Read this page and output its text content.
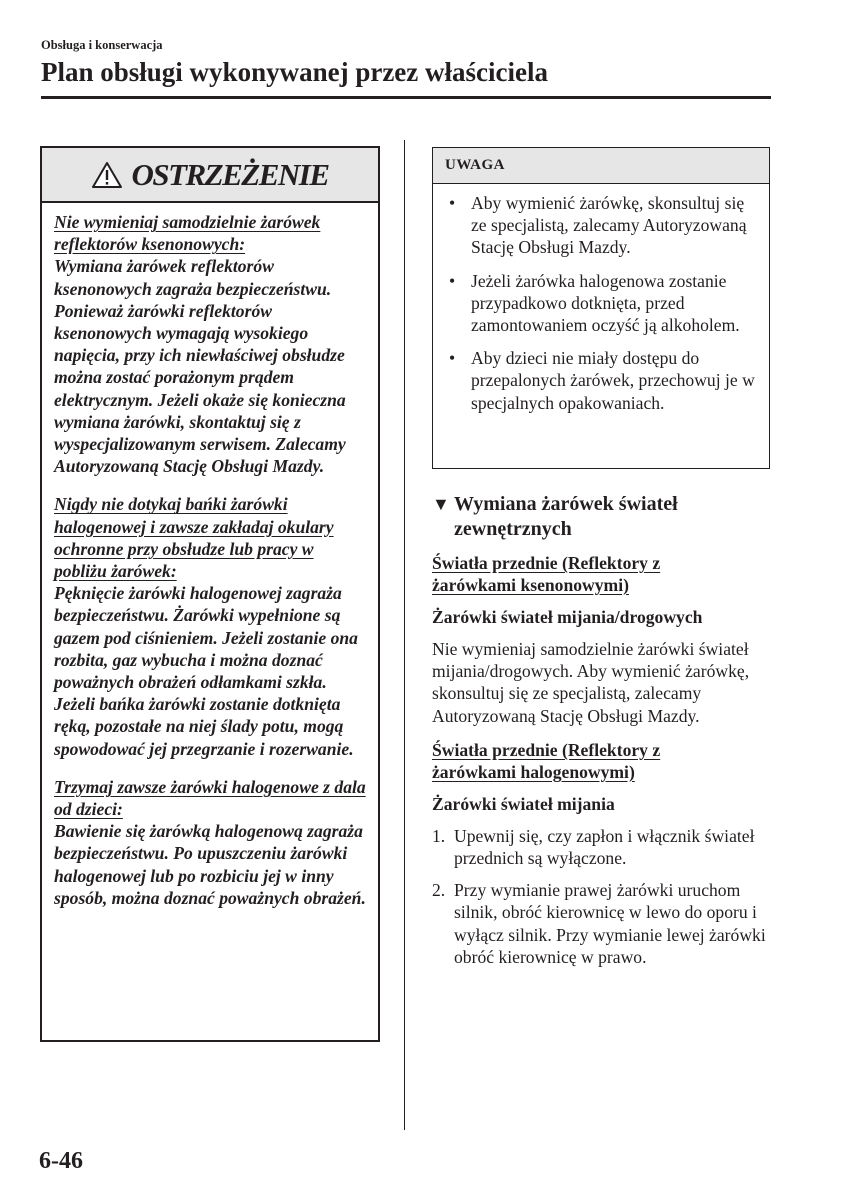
Obsługa i konserwacja
Plan obsługi wykonywanej przez właściciela
OSTRZEŻENIE
Nie wymieniaj samodzielnie żarówek reflektorów ksenonowych:
Wymiana żarówek reflektorów ksenonowych zagraża bezpieczeństwu. Ponieważ żarówki reflektorów ksenonowych wymagają wysokiego napięcia, przy ich niewłaściwej obsłudze można zostać porażonym prądem elektrycznym. Jeżeli okaże się konieczna wymiana żarówki, skontaktuj się z wyspecjalizowanym serwisem. Zalecamy Autoryzowaną Stację Obsługi Mazdy.
Nigdy nie dotykaj bańki żarówki halogenowej i zawsze zakładaj okulary ochronne przy obsłudze lub pracy w pobliżu żarówek:
Pęknięcie żarówki halogenowej zagraża bezpieczeństwu. Żarówki wypełnione są gazem pod ciśnieniem. Jeżeli zostanie ona rozbita, gaz wybucha i można doznać poważnych obrażeń odłamkami szkła. Jeżeli bańka żarówki zostanie dotknięta ręką, pozostałe na niej ślady potu, mogą spowodować jej przegrzanie i rozerwanie.
Trzymaj zawsze żarówki halogenowe z dala od dzieci:
Bawienie się żarówką halogenową zagraża bezpieczeństwu. Po upuszczeniu żarówki halogenowej lub po rozbiciu jej w inny sposób, można doznać poważnych obrażeń.
UWAGA
• Aby wymienić żarówkę, skonsultuj się ze specjalistą, zalecamy Autoryzowaną Stację Obsługi Mazdy.
• Jeżeli żarówka halogenowa zostanie przypadkowo dotknięta, przed zamontowaniem oczyść ją alkoholem.
• Aby dzieci nie miały dostępu do przepalonych żarówek, przechowuj je w specjalnych opakowaniach.
▼ Wymiana żarówek świateł zewnętrznych

Światła przednie (Reflektory z żarówkami ksenonowymi)

Żarówki świateł mijania/drogowych

Nie wymieniaj samodzielnie żarówki świateł mijania/drogowych. Aby wymienić żarówkę, skonsultuj się ze specjalistą, zalecamy Autoryzowaną Stację Obsługi Mazdy.

Światła przednie (Reflektory z żarówkami halogenowymi)

Żarówki świateł mijania

1. Upewnij się, czy zapłon i włącznik świateł przednich są wyłączone.
2. Przy wymianie prawej żarówki uruchom silnik, obróć kierownicę w lewo do oporu i wyłącz silnik. Przy wymianie lewej żarówki obróć kierownicę w prawo.
6-46
